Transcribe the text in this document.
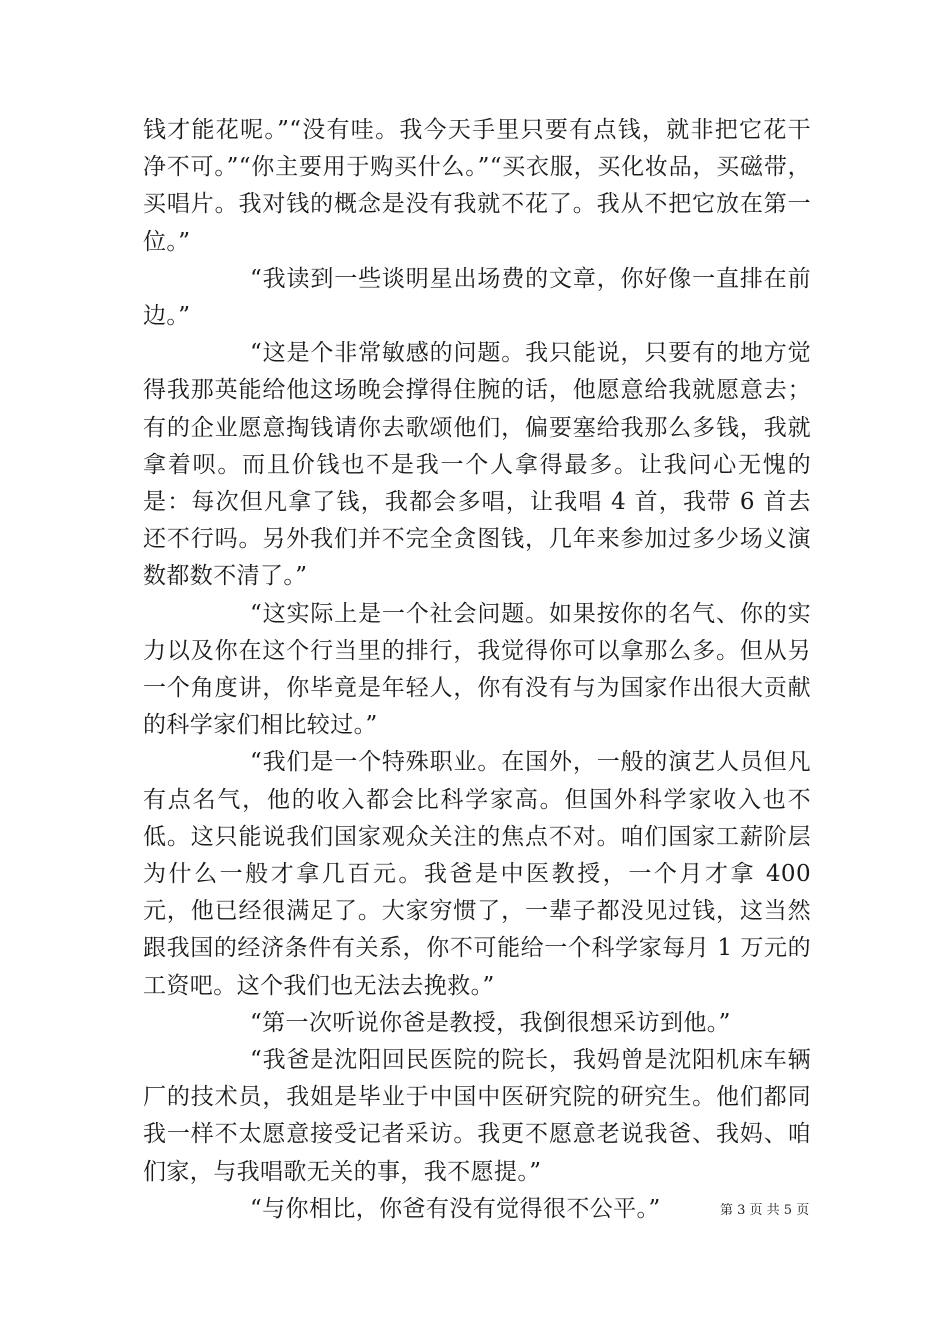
钱才能花呢。”“没有哇。我今天手里只要有点钱，就非把它花干净不可。”“你主要用于购买什么。”“买衣服，买化妆品，买磁带，买唱片。我对钱的概念是没有我就不花了。我从不把它放在第一位。”

“我读到一些谈明星出场费的文章，你好像一直排在前边。”

“这是个非常敏感的问题。我只能说，只要有的地方觉得我那英能给他这场晚会撑得住腕的话，他愿意给我就愿意去；有的企业愿意掏钱请你去歌颂他们，偏要塞给我那么多钱，我就拿着呗。而且价钱也不是我一个人拿得最多。让我问心无愧的是：每次但凡拿了钱，我都会多唱，让我唱 4 首，我带 6 首去还不行吗。另外我们并不完全贪图钱，几年来参加过多少场义演数都数不清了。”

“这实际上是一个社会问题。如果按你的名气、你的实力以及你在这个行当里的排行，我觉得你可以拿那么多。但从另一个角度讲，你毕竟是年轻人，你有没有与为国家作出很大贡献的科学家们相比较过。”

“我们是一个特殊职业。在国外，一般的演艺人员但凡有点名气，他的收入都会比科学家高。但国外科学家收入也不低。这只能说我们国家观众关注的焦点不对。咱们国家工薪阶层为什么一般才拿几百元。我爸是中医教授，一个月才拿 400 元，他已经很满足了。大家穷惯了，一辈子都没见过钱，这当然跟我国的经济条件有关系，你不可能给一个科学家每月 1 万元的工资吧。这个我们也无法去挽救。”

“第一次听说你爸是教授，我倒很想采访到他。”

“我爸是沈阳回民医院的院长，我妈曾是沈阳机床车辆厂的技术员，我姐是毕业于中国中医研究院的研究生。他们都同我一样不太愿意接受记者采访。我更不愿意老说我爸、我妈、咱们家，与我唱歌无关的事，我不愿提。”

“与你相比，你爸有没有觉得很不公平。”	第 3 页 共 5 页
